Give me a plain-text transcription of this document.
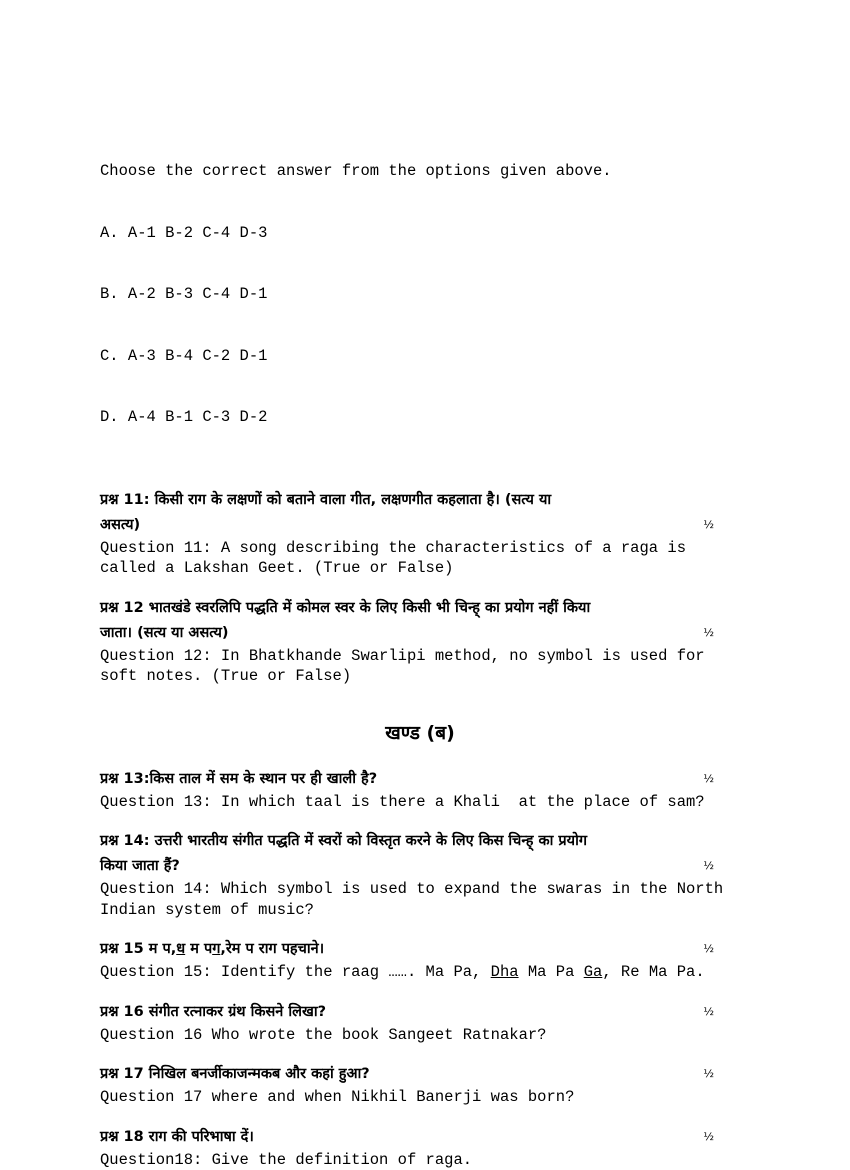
Choose the correct answer from the options given above.

A. A-1 B-2 C-4 D-3

B. A-2 B-3 C-4 D-1

C. A-3 B-4 C-2 D-1

D. A-4 B-1 C-3 D-2

प्रश्न 11: किसी राग के लक्षणों को बताने वाला गीत, लक्षणगीत कहलाता है। (सत्य या
असत्य)	½
Question 11: A song describing the characteristics of a raga is called a Lakshan Geet. (True or False)
प्रश्न 12 भातखंडे स्वरलिपि पद्धति में कोमल स्वर के लिए किसी भी चिन्ह् का प्रयोग नहीं किया
जाता। (सत्य या असत्य)	½
Question 12: In Bhatkhande Swarlipi method, no symbol is used for soft notes. (True or False)
खण्ड (ब)
प्रश्न 13:किस ताल में सम के स्थान पर ही खाली है?	½
Question 13: In which taal is there a Khali  at the place of sam?
प्रश्न 14: उत्तरी भारतीय संगीत पद्धति में स्वरों को विस्तृत करने के लिए किस चिन्ह् का प्रयोग
किया जाता हैं?	½
Question 14: Which symbol is used to expand the swaras in the North Indian system of music?
प्रश्न 15 म प,ध म पग,रेम प राग पहचाने।	½
Question 15: Identify the raag ……. Ma Pa, Dha Ma Pa Ga, Re Ma Pa.
प्रश्न 16 संगीत रत्नाकर ग्रंथ किसने लिखा?	½
Question 16 Who wrote the book Sangeet Ratnakar?
प्रश्न 17 निखिल बनर्जीकाजन्मकब और कहां हुआ?	½
Question 17 where and when Nikhil Banerji was born?
प्रश्न 18 राग की परिभाषा दें।	½
Question18: Give the definition of raga.
